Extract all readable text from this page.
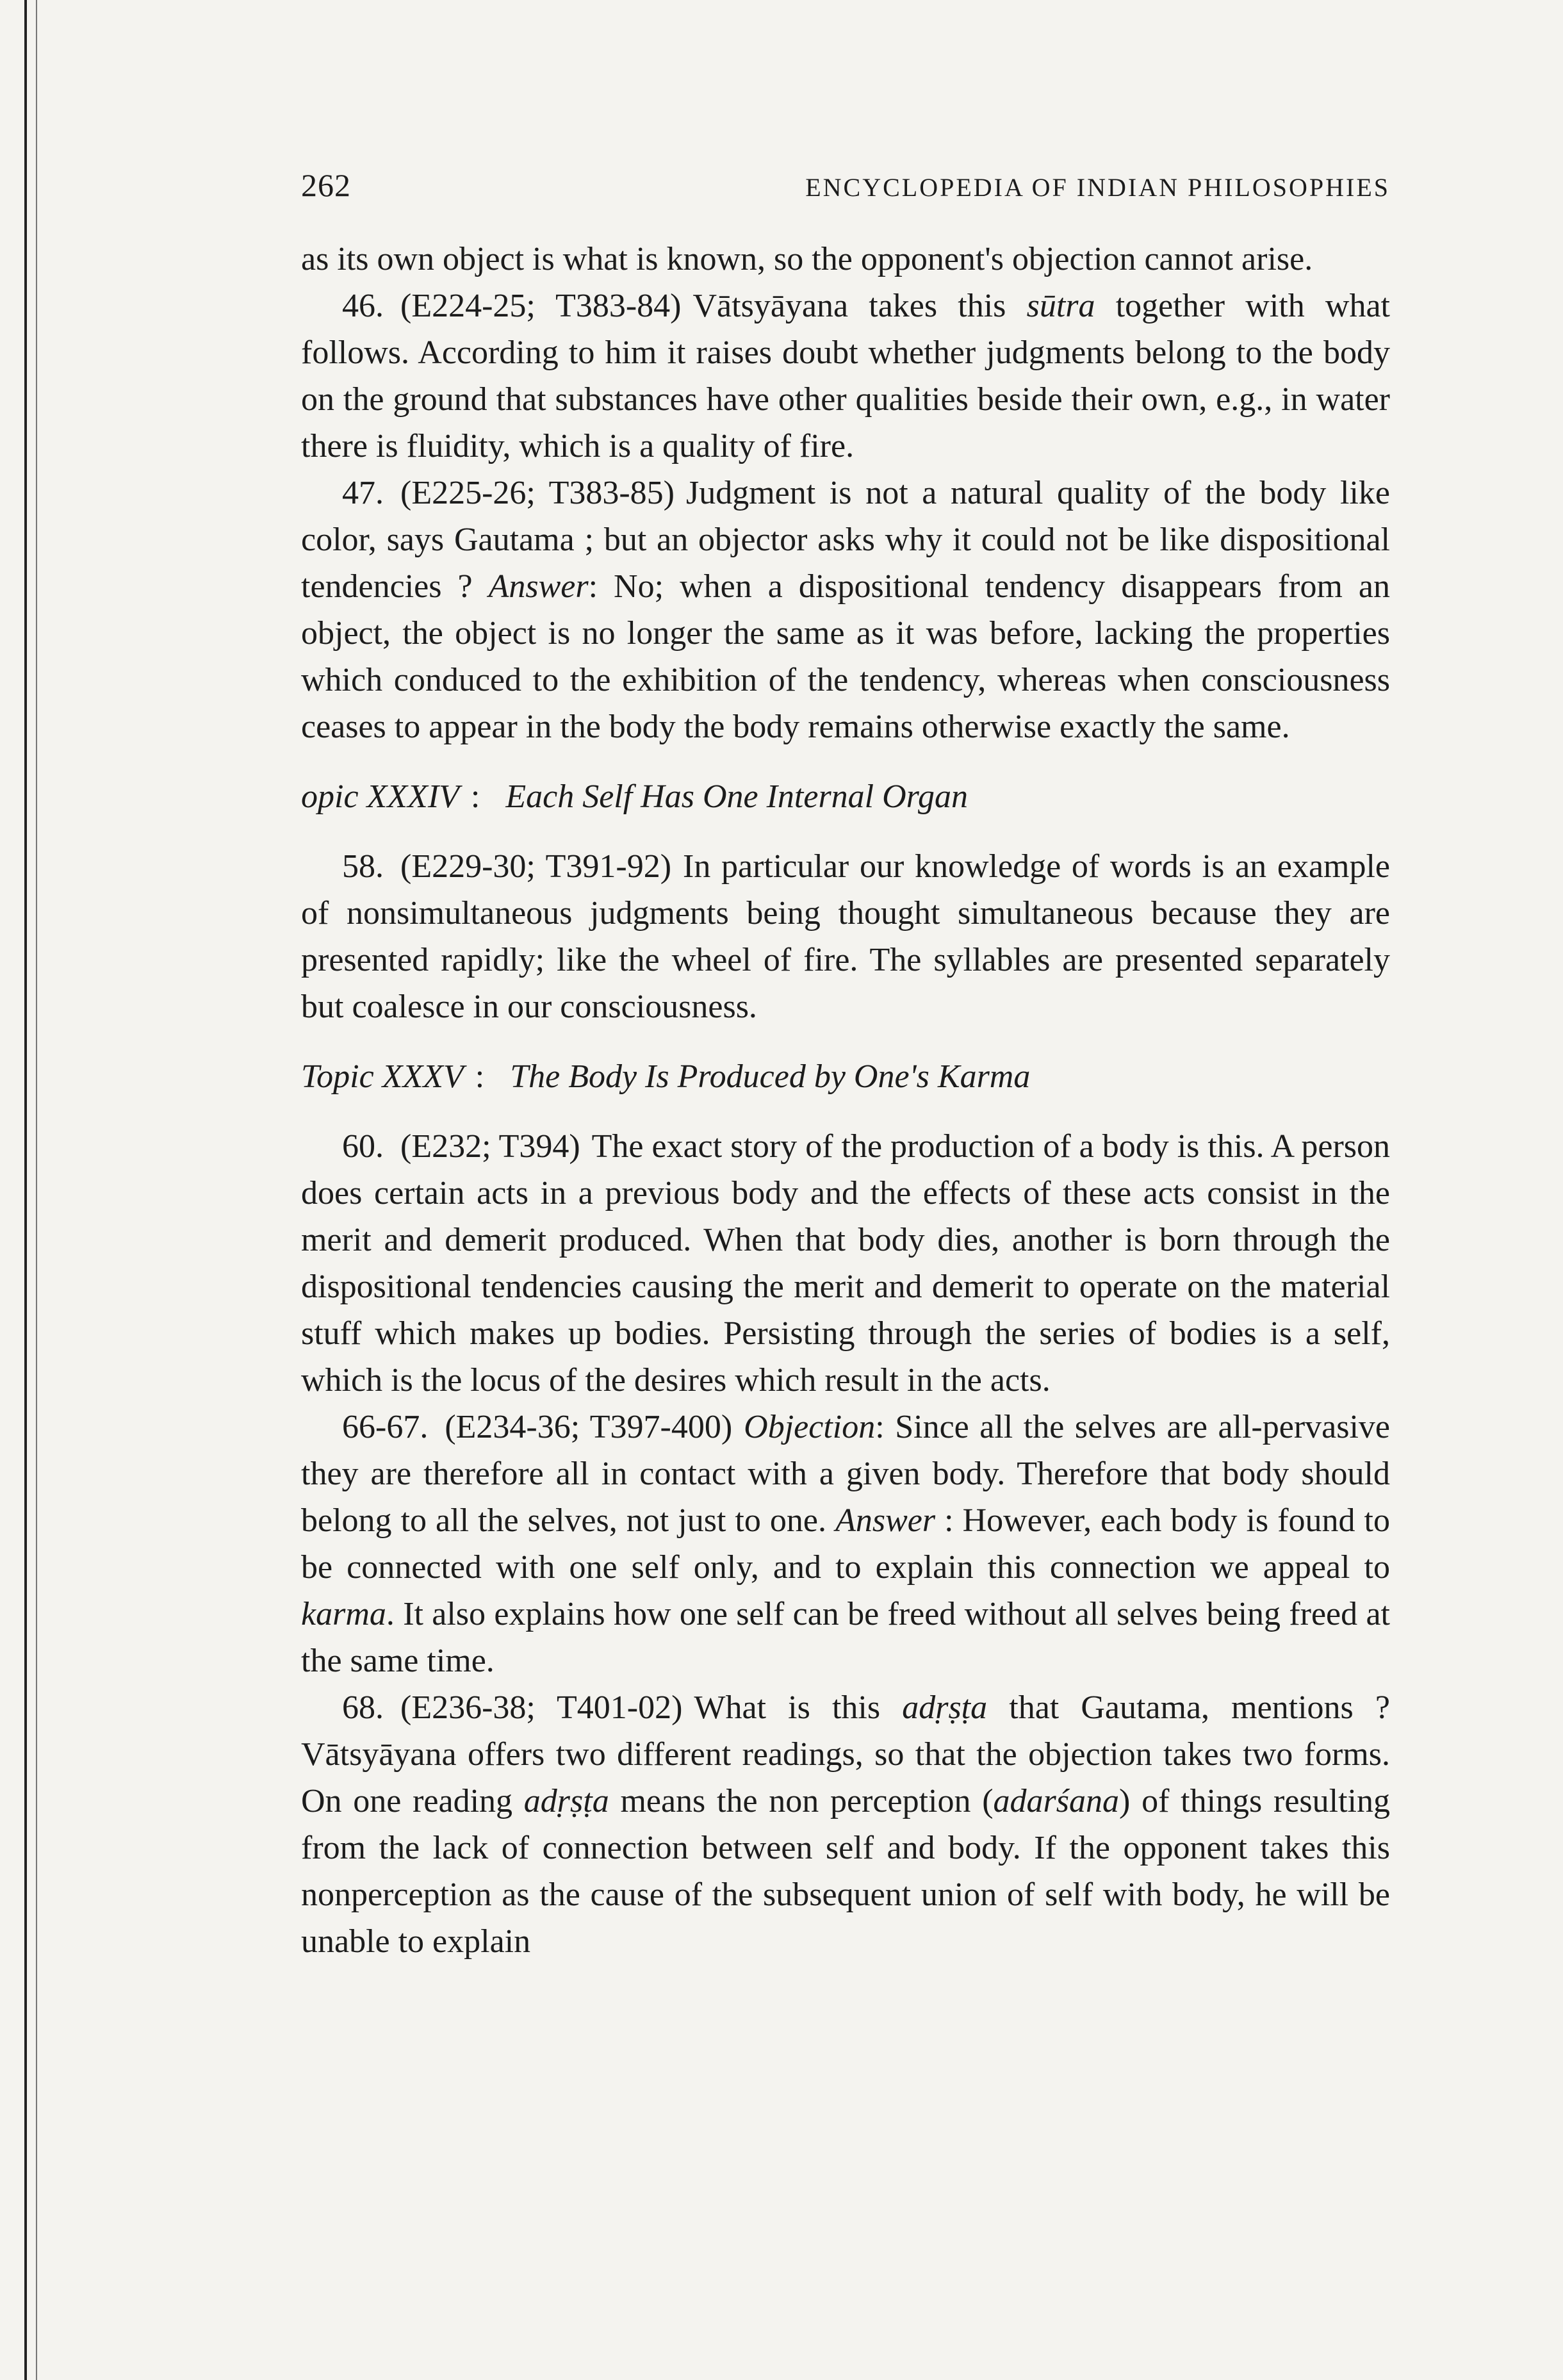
262	ENCYCLOPEDIA OF INDIAN PHILOSOPHIES

as its own object is what is known, so the opponent's objection cannot arise.

46. (E224-25; T383-84) Vātsyāyana takes this sūtra together with what follows. According to him it raises doubt whether judgments belong to the body on the ground that substances have other qualities beside their own, e.g., in water there is fluidity, which is a quality of fire.

47. (E225-26; T383-85) Judgment is not a natural quality of the body like color, says Gautama ; but an objector asks why it could not be like dispositional tendencies ? Answer: No; when a dispositional tendency disappears from an object, the object is no longer the same as it was before, lacking the properties which conduced to the exhibition of the tendency, whereas when consciousness ceases to appear in the body the body remains otherwise exactly the same.

opic XXXIV : Each Self Has One Internal Organ

58. (E229-30; T391-92) In particular our knowledge of words is an example of nonsimultaneous judgments being thought simultaneous because they are presented rapidly; like the wheel of fire. The syllables are presented separately but coalesce in our consciousness.

Topic XXXV : The Body Is Produced by One's Karma

60. (E232; T394) The exact story of the production of a body is this. A person does certain acts in a previous body and the effects of these acts consist in the merit and demerit produced. When that body dies, another is born through the dispositional tendencies causing the merit and demerit to operate on the material stuff which makes up bodies. Persisting through the series of bodies is a self, which is the locus of the desires which result in the acts.

66-67. (E234-36; T397-400) Objection: Since all the selves are all-pervasive they are therefore all in contact with a given body. Therefore that body should belong to all the selves, not just to one. Answer : However, each body is found to be connected with one self only, and to explain this connection we appeal to karma. It also explains how one self can be freed without all selves being freed at the same time.

68. (E236-38; T401-02) What is this adṛṣṭa that Gautama, mentions ? Vātsyāyana offers two different readings, so that the objection takes two forms. On one reading adṛṣṭa means the non perception (adarśana) of things resulting from the lack of connection between self and body. If the opponent takes this nonperception as the cause of the subsequent union of self with body, he will be unable to explain
